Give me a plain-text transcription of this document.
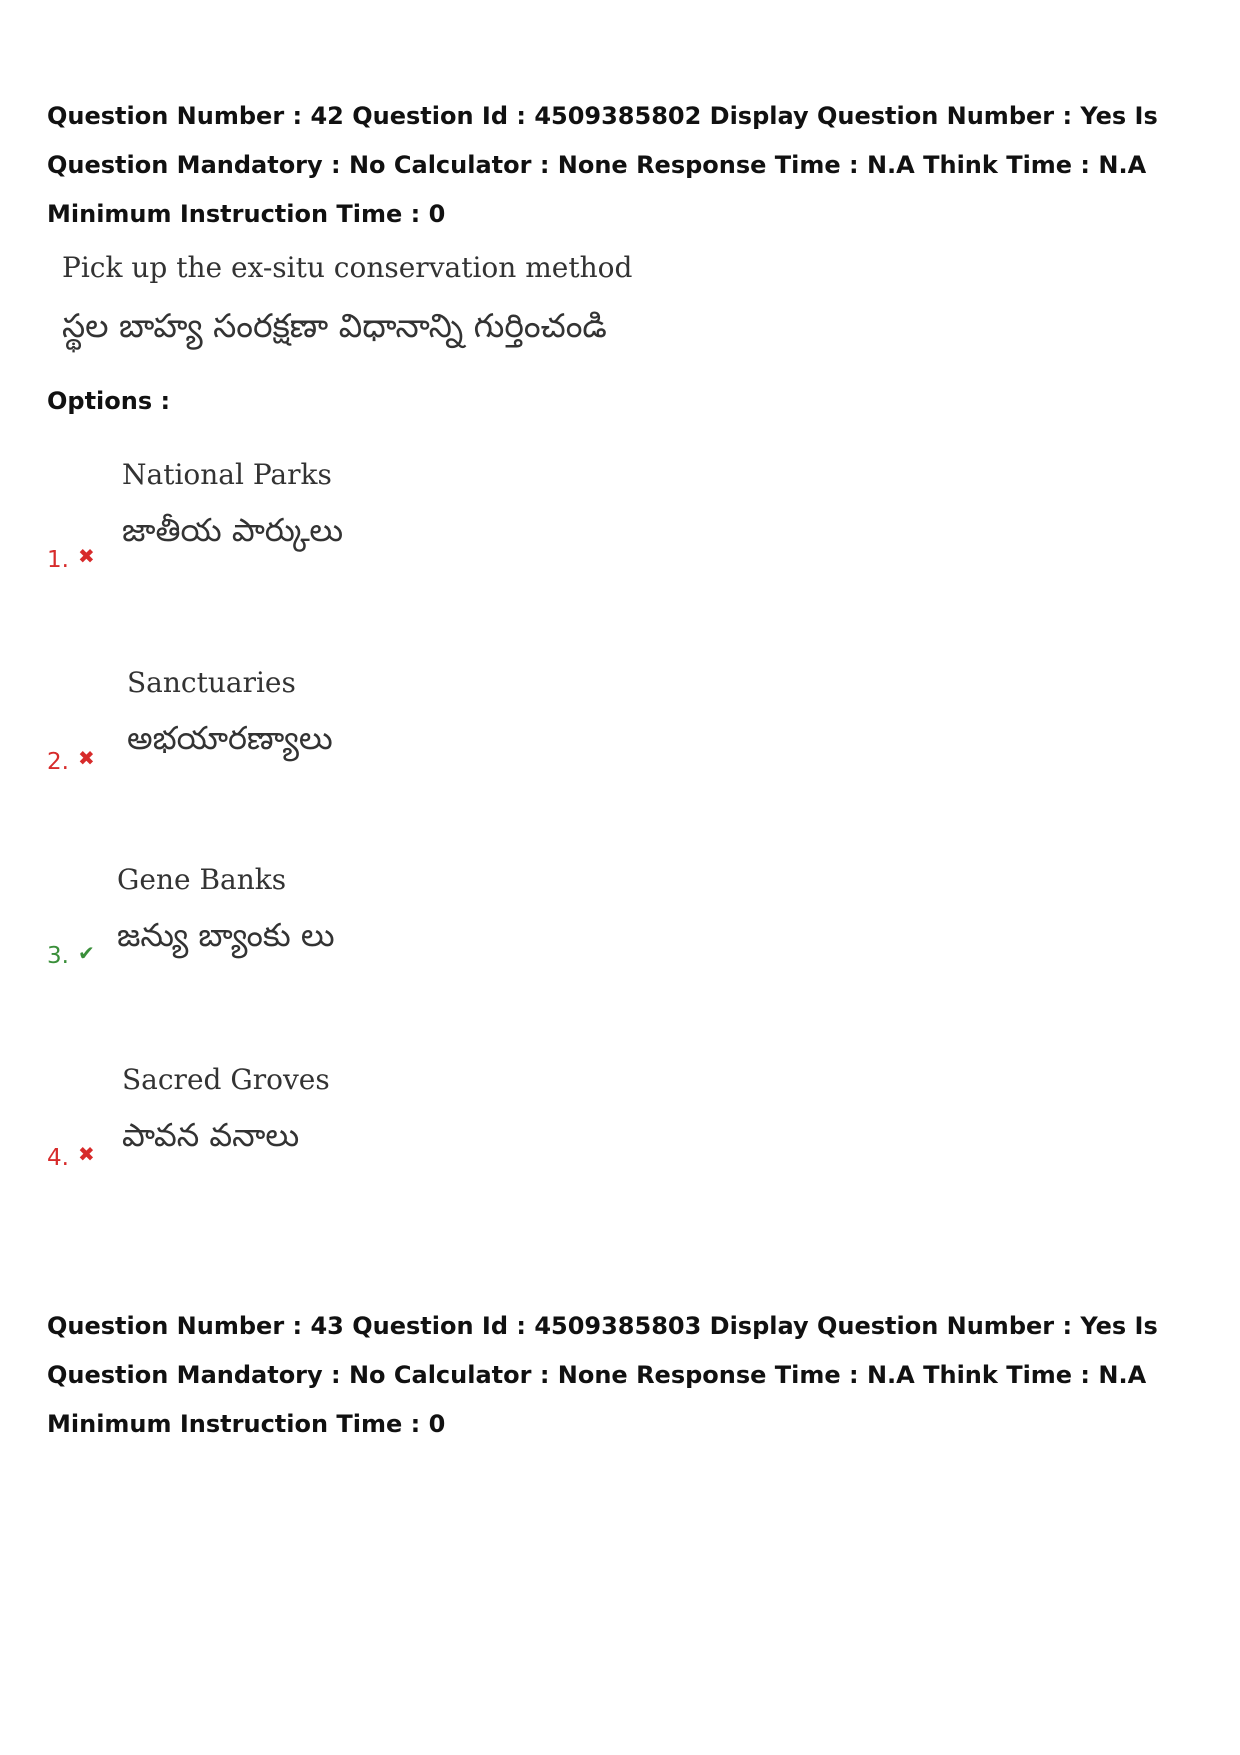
Question Number : 42 Question Id : 4509385802 Display Question Number : Yes Is Question Mandatory : No Calculator : None Response Time : N.A Think Time : N.A Minimum Instruction Time : 0
Pick up the ex-situ conservation method
స్థల బాహ్య సంరక్షణా విధానాన్ని గుర్తించండి
Options :
National Parks
జాతీయ పార్కులు
1. ✖
Sanctuaries
అభయారణ్యాలు
2. ✖
Gene Banks
జన్యు బ్యాంకు లు
3. ✔
Sacred Groves
పావన వనాలు
4. ✖
Question Number : 43 Question Id : 4509385803 Display Question Number : Yes Is Question Mandatory : No Calculator : None Response Time : N.A Think Time : N.A Minimum Instruction Time : 0
